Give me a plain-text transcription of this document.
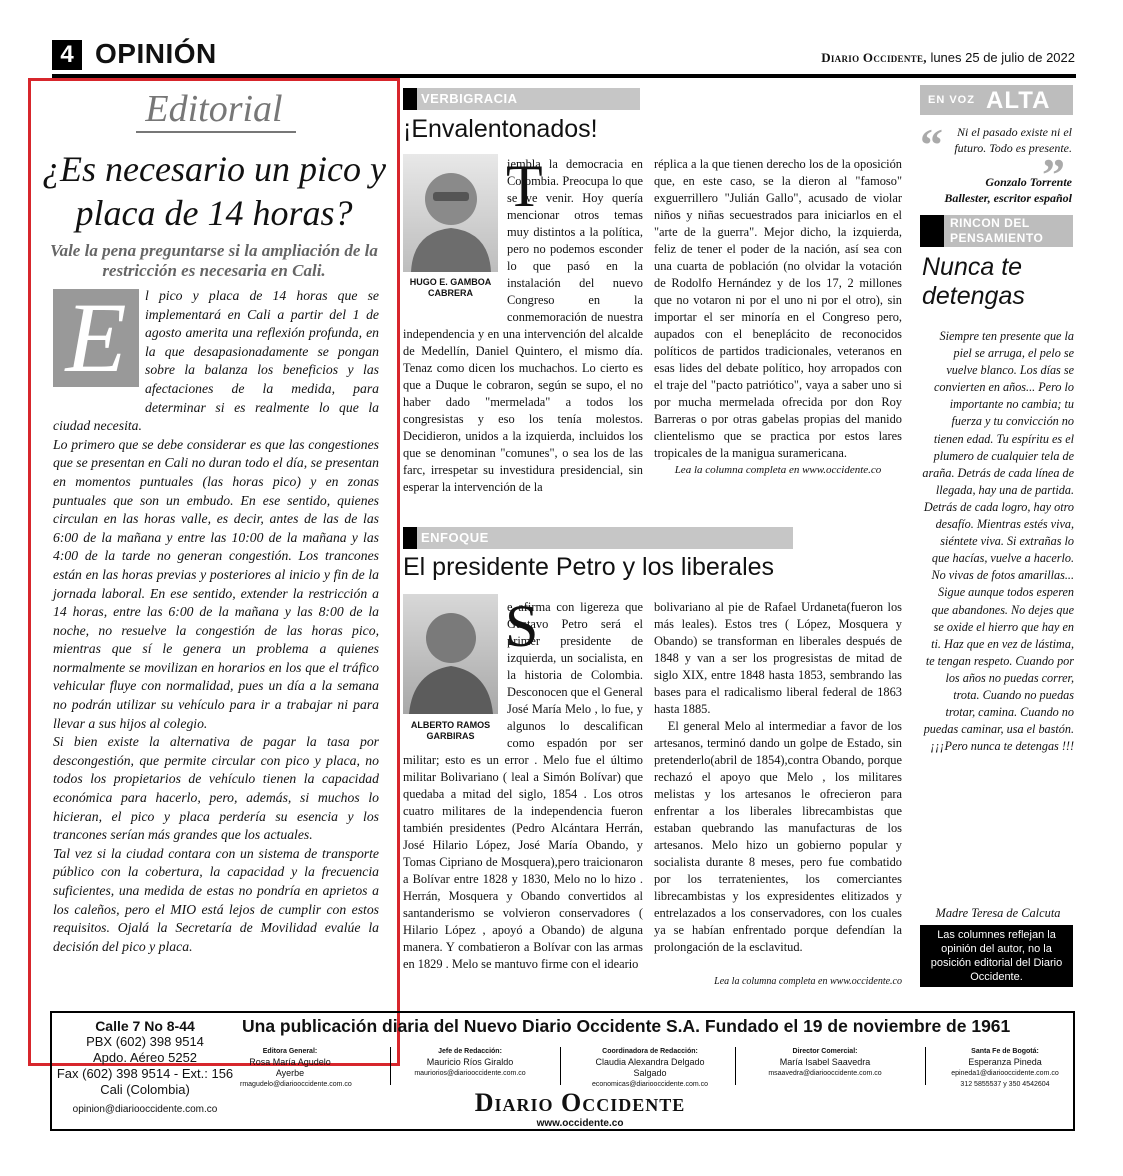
4 OPINIÓN	Diario Occidente, lunes 25 de julio de 2022
Editorial
¿Es necesario un pico y placa de 14 horas?
Vale la pena preguntarse si la ampliación de la restricción es necesaria en Cali.

l pico y placa de 14 horas que se implementará en Cali a partir del 1 de agosto amerita una reflexión profunda, en la que desapasionadamente se pongan sobre la balanza los beneficios y las afectaciones de la medida, para determinar si es realmente lo que la ciudad necesita.

Lo primero que se debe considerar es que las congestiones que se presentan en Cali no duran todo el día, se presentan en momentos puntuales (las horas pico) y en zonas puntuales que son un embudo. En ese sentido, quienes circulan en las horas valle, es decir, antes de las de las 6:00 de la mañana y entre las 10:00 de la mañana y las 4:00 de la tarde no generan congestión. Los trancones están en las horas previas y posteriores al inicio y fin de la jornada laboral. En ese sentido, extender la restricción a 14 horas, entre las 6:00 de la mañana y las 8:00 de la noche, no resuelve la congestión de las horas pico, mientras que sí le genera un problema a quienes normalmente se movilizan en horarios en los que el tráfico vehicular fluye con normalidad, pues un día a la semana no podrán utilizar su vehículo para ir a trabajar ni para llevar a sus hijos al colegio.

Si bien existe la alternativa de pagar la tasa por descongestión, que permite circular con pico y placa, no todos los propietarios de vehículo tienen la capacidad económica para hacerlo, pero, además, si muchos lo hicieran, el pico y placa perdería su esencia y los trancones serían más grandes que los actuales.

Tal vez si la ciudad contara con un sistema de transporte público con la cobertura, la capacidad y la frecuencia suficientes, una medida de estas no pondría en aprietos a los caleños, pero el MIO está lejos de cumplir con estos requisitos. Ojalá la Secretaría de Movilidad evalúe la decisión del pico y placa.

E
VERBIGRACIA
¡Envalentonados!
HUGO E. GAMBOA CABRERA
iembla la democracia en Colombia. Preocupa lo que se ve venir. Hoy quería mencionar otros temas muy distintos a la política, pero no podemos esconder lo que pasó en la instalación del nuevo Congreso en la conmemoración de nuestra independencia y en una intervención del alcalde de Medellín, Daniel Quintero, el mismo día. Tenaz como dicen los muchachos. Lo cierto es que a Duque le cobraron, según se supo, el no haber dado "mermelada" a todos los congresistas y eso los tenía molestos. Decidieron, unidos a la izquierda, incluidos los que se denominan "comunes", o sea los de las farc, irrespetar su investidura presidencial, sin esperar la intervención de la
T	réplica a la que tienen derecho los de la oposición que, en este caso, se la dieron al "famoso" exguerrillero "Julián Gallo", acusado de violar niños y niñas secuestrados para iniciarlos en el "arte de la guerra". Mejor dicho, la izquierda, feliz de tener el poder de la nación, así sea con una cuarta de población (no olvidar la votación de Rodolfo Hernández y de los 17, 2 millones que no votaron ni por el uno ni por el otro), sin importar el ser minoría en el Congreso pero, aupados con el beneplácito de reconocidos políticos de partidos tradicionales, veteranos en esas lides del debate político, hoy arropados con el traje del "pacto patriótico", vaya a saber uno si por mucha mermelada ofrecida por don Roy Barreras o por otras gabelas propias del manido clientelismo que se practica por estos lares tropicales de la manigua suramericana.
Lea la columna completa en www.occidente.co
ENFOQUE
El presidente Petro y los liberales
ALBERTO RAMOS GARBIRAS
e afirma con ligereza que Gustavo Petro será el primer presidente de izquierda, un socialista, en la historia de Colombia. Desconocen que el General José María Melo , lo fue, y algunos lo descalifican como espadón por ser militar; esto es un error . Melo fue el último militar Bolivariano ( leal a Simón Bolívar) que quedaba a mitad del siglo, 1854 . Los otros cuatro militares de la independencia fueron también presidentes (Pedro Alcántara Herrán, José Hilario López, José María Obando, y Tomas Cipriano de Mosquera),pero traicionaron a Bolívar entre 1828 y 1830, Melo no lo hizo . Herrán, Mosquera y Obando convertidos al santanderismo se volvieron conservadores ( Hilario López , apoyó a Obando) de alguna manera. Y combatieron a Bolívar con las armas en 1829 . Melo se mantuvo firme con el ideario
S	bolivariano al pie de Rafael Urdaneta(fueron los más leales). Estos tres ( López, Mosquera y Obando) se transforman en liberales después de 1848 y van a ser los progresistas de mitad de siglo XIX, entre 1848 hasta 1853, sembrando las bases para el radicalismo liberal federal de 1863 hasta 1885.
El general Melo al intermediar a favor de los artesanos, terminó dando un golpe de Estado, sin pretenderlo(abril de 1854),contra Obando, porque rechazó el apoyo que Melo , los militares melistas y los artesanos le ofrecieron para enfrentar a los liberales librecambistas que estaban quebrando las manufacturas de los artesanos. Melo hizo un gobierno popular y socialista durante 8 meses, pero fue combatido por los terratenientes, los comerciantes librecambistas y los expresidentes elitizados y entrelazados a los conservadores, con los cuales ya se habían enfrentado porque defendían la prolongación de la esclavitud.
Lea la columna completa en www.occidente.co
EN VOZ ALTA
“	Ni el pasado existe ni el futuro. Todo es presente.
”
Gonzalo Torrente
Ballester, escritor español
RINCON DEL PENSAMIENTO
Nunca te detengas
Siempre ten presente que la piel se arruga, el pelo se vuelve blanco. Los días se convierten en años... Pero lo importante no cambia; tu fuerza y tu convicción no tienen edad. Tu espíritu es el plumero de cualquier tela de araña. Detrás de cada línea de llegada, hay una de partida. Detrás de cada logro, hay otro desafío. Mientras estés viva, siéntete viva. Si extrañas lo que hacías, vuelve a hacerlo. No vivas de fotos amarillas... Sigue aunque todos esperen que abandones. No dejes que se oxide el hierro que hay en ti. Haz que en vez de lástima, te tengan respeto. Cuando por los años no puedas correr, trota. Cuando no puedas trotar, camina. Cuando no puedas caminar, usa el bastón. ¡¡¡Pero nunca te detengas !!!
Madre Teresa de Calcuta
Las columnes reflejan la opinión del autor, no la posición editorial del Diario Occidente.
Calle 7 No 8-44
PBX (602) 398 9514
Apdo. Aéreo 5252
Fax (602) 398 9514 - Ext.: 156
Cali (Colombia)
opinion@diariooccidente.com.co
Una publicación diaria del Nuevo Diario Occidente S.A. Fundado el 19 de noviembre de 1961
Editora General:
Rosa María Agudelo Ayerbe
rmagudelo@diariooccidente.com.co
Jefe de Redacción:
Mauricio Ríos Giraldo
mauriorios@diariooccidente.com.co
Coordinadora de Redacción:
Claudia Alexandra Delgado Salgado
economicas@diariooccidente.com.co
Director Comercial:
María Isabel Saavedra
msaavedra@diariooccidente.com.co
Santa Fe de Bogotá:
Esperanza Pineda
epineda1@diariooccidente.com.co 312 5855537 y 350 4542604
Diario Occidente
www.occidente.co
